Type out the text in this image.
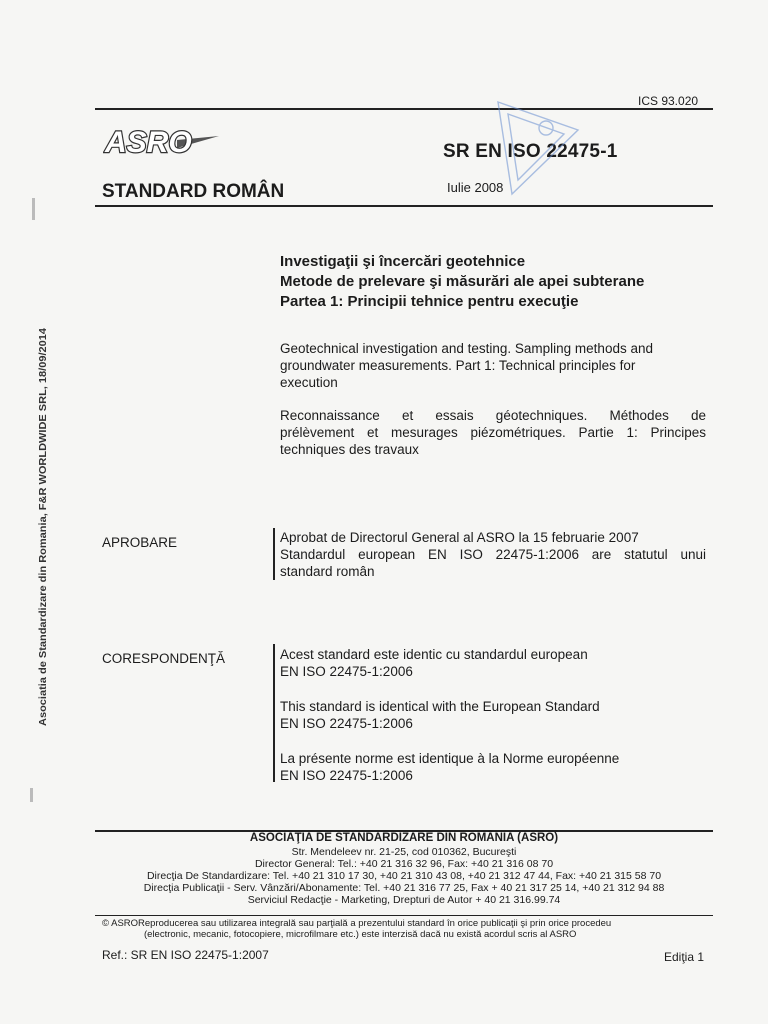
ICS 93.020
ASRO	SR EN ISO 22475-1
Iulie 2008
STANDARD ROMÂN
Investigaţii şi încercări geotehnice
Metode de prelevare şi măsurări ale apei subterane
Partea 1: Principii tehnice pentru execuţie
Geotechnical investigation and testing. Sampling methods and
groundwater measurements. Part 1: Technical principles for
execution
Reconnaissance et essais géotechniques. Méthodes de
prélèvement et mesurages piézométriques. Partie 1: Principes
techniques des travaux
APROBARE	Aprobat de Directorul General al ASRO la 15 februarie 2007
Standardul european EN ISO 22475-1:2006 are statutul unui
standard român
CORESPONDENŢĂ	Acest standard este identic cu standardul european
EN ISO 22475-1:2006
This standard is identical with the European Standard
EN ISO 22475-1:2006
La présente norme est identique à la Norme européenne
EN ISO 22475-1:2006
Asociatia de Standardizare din Romania, F&R WORLDWIDE SRL, 18/09/2014
ASOCIAŢIA DE STANDARDIZARE DIN ROMÂNIA (ASRO)
Str. Mendeleev nr. 21-25, cod 010362, Bucureşti
Director General: Tel.: +40 21 316 32 96, Fax: +40 21 316 08 70
Direcţia De Standardizare: Tel. +40 21 310 17 30, +40 21 310 43 08, +40 21 312 47 44, Fax: +40 21 315 58 70
Direcţia Publicaţii - Serv. Vânzări/Abonamente: Tel. +40 21 316 77 25, Fax + 40 21 317 25 14, +40 21 312 94 88
Serviciul Redacţie - Marketing, Drepturi de Autor + 40 21 316.99.74
© ASROReproducerea sau utilizarea integrală sau parţială a prezentului standard în orice publicaţii şi prin orice procedeu
(electronic, mecanic, fotocopiere, microfilmare etc.) este interzisă dacă nu există acordul scris al ASRO
Ref.: SR EN ISO 22475-1:2007	Ediţia 1
